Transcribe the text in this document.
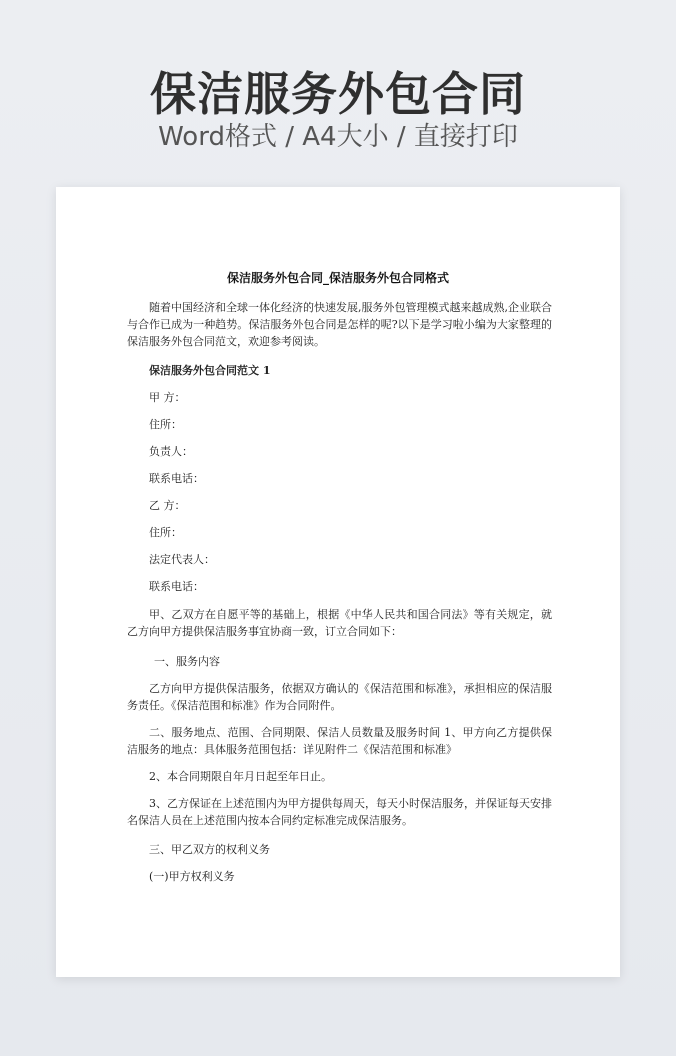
保洁服务外包合同
Word格式 / A4大小 / 直接打印
保洁服务外包合同_保洁服务外包合同格式
随着中国经济和全球一体化经济的快速发展,服务外包管理模式越来越成熟,企业联合与合作已成为一种趋势。保洁服务外包合同是怎样的呢?以下是学习啦小编为大家整理的保洁服务外包合同范文，欢迎参考阅读。
保洁服务外包合同范文 1
甲 方：
住所：
负责人：
联系电话：
乙 方：
住所：
法定代表人：
联系电话：
甲、乙双方在自愿平等的基础上，根据《中华人民共和国合同法》等有关规定，就乙方向甲方提供保洁服务事宜协商一致，订立合同如下：
一、服务内容
乙方向甲方提供保洁服务，依据双方确认的《保洁范围和标准》，承担相应的保洁服务责任。《保洁范围和标准》作为合同附件。
二、服务地点、范围、合同期限、保洁人员数量及服务时间 1、甲方向乙方提供保洁服务的地点：具体服务范围包括：详见附件二《保洁范围和标准》
2、本合同期限自年月日起至年日止。
3、乙方保证在上述范围内为甲方提供每周天，每天小时保洁服务，并保证每天安排名保洁人员在上述范围内按本合同约定标准完成保洁服务。
三、甲乙双方的权利义务
(一)甲方权利义务
